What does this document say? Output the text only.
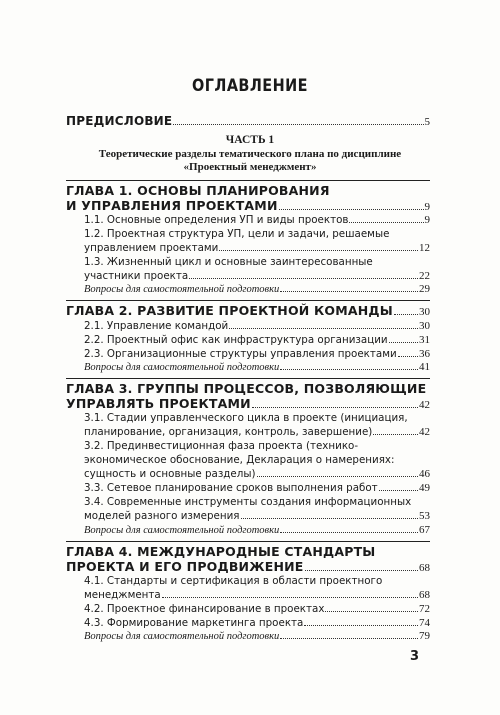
ОГЛАВЛЕНИЕ
ПРЕДИСЛОВИЕ	5
ЧАСТЬ 1
Теоретические разделы тематического плана по дисциплине
«Проектный менеджмент»
ГЛАВА 1. ОСНОВЫ ПЛАНИРОВАНИЯ
И УПРАВЛЕНИЯ ПРОЕКТАМИ	9
1.1. Основные определения УП и виды проектов	9
1.2. Проектная структура УП, цели и задачи, решаемые
управлением проектами	12
1.3. Жизненный цикл и основные заинтересованные
участники проекта	22
Вопросы для самостоятельной подготовки	29
ГЛАВА 2. РАЗВИТИЕ ПРОЕКТНОЙ КОМАНДЫ 30
2.1. Управление командой	30
2.2. Проектный офис как инфраструктура организации	31
2.3. Организационные структуры управления проектами 36
Вопросы для самостоятельной подготовки	41
ГЛАВА 3. ГРУППЫ ПРОЦЕССОВ, ПОЗВОЛЯЮЩИЕ
УПРАВЛЯТЬ ПРОЕКТАМИ	42
3.1. Стадии управленческого цикла в проекте (инициация,
планирование, организация, контроль, завершение)	42
3.2. Прединвестиционная фаза проекта (технико-
экономическое обоснование, Декларация о намерениях:
сущность и основные разделы)	46
3.3. Сетевое планирование сроков выполнения работ	49
3.4. Современные инструменты создания информационных
моделей разного измерения	53
Вопросы для самостоятельной подготовки	67
ГЛАВА 4. МЕЖДУНАРОДНЫЕ СТАНДАРТЫ
ПРОЕКТА И ЕГО ПРОДВИЖЕНИЕ	68
4.1. Стандарты и сертификация в области проектного
менеджмента	68
4.2. Проектное финансирование в проектах	72
4.3. Формирование маркетинга проекта	74
Вопросы для самостоятельной подготовки	79
3
